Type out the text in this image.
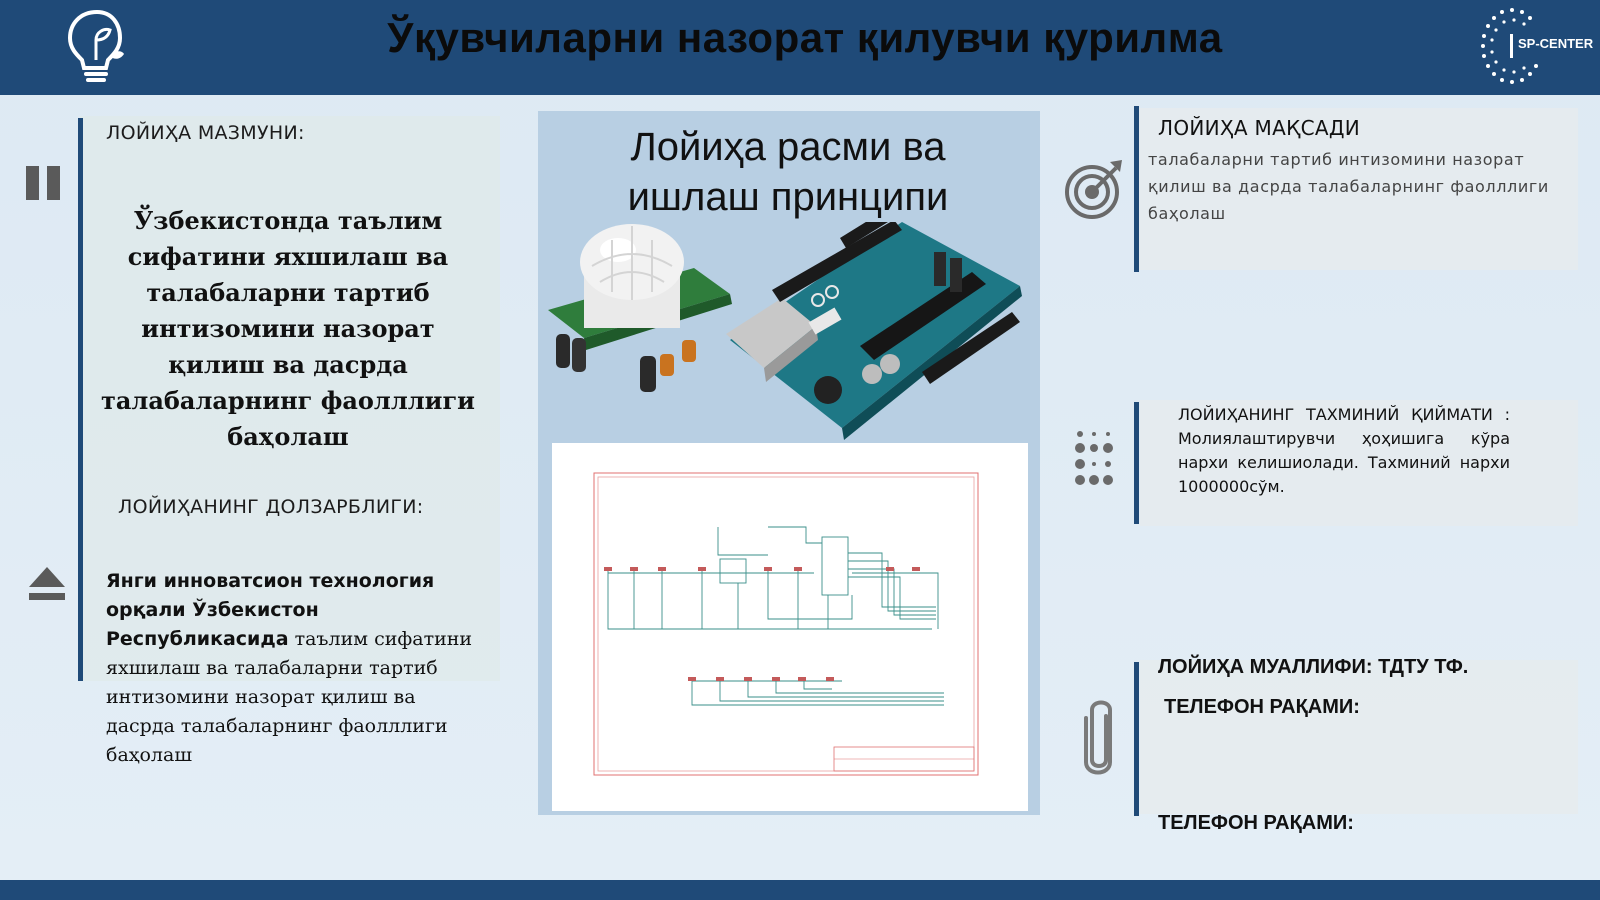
Ўқувчиларни назорат қилувчи қурилма	SP-CENTER
ЛОЙИҲА МАЗМУНИ:
Ўзбекистонда таълим сифатини яхшилаш ва талабаларни тартиб интизомини назорат қилиш ва дасрда талабаларнинг фаолллиги баҳолаш
ЛОЙИҲАНИНГ ДОЛЗАРБЛИГИ:
Янги инноватсион технология орқали Ўзбекистон Республикасида таълим сифатини яхшилаш ва талабаларни тартиб интизомини назорат қилиш ва дасрда талабаларнинг фаолллиги баҳолаш
Лойиҳа расми ва
ишлаш принципи
ЛОЙИҲА МАҚСАДИ
талабаларни тартиб интизомини назорат қилиш ва дасрда талабаларнинг фаолллиги баҳолаш
ЛОЙИҲАНИНГ ТАХМИНИЙ ҚИЙМАТИ : Молиялаштирувчи ҳоҳишига кўра нархи келишиолади. Тахминий нархи 1000000сўм.
ЛОЙИҲА МУАЛЛИФИ: ТДТУ ТФ.
ТЕЛЕФОН РАҚАМИ:
ТЕЛЕФОН РАҚАМИ:
